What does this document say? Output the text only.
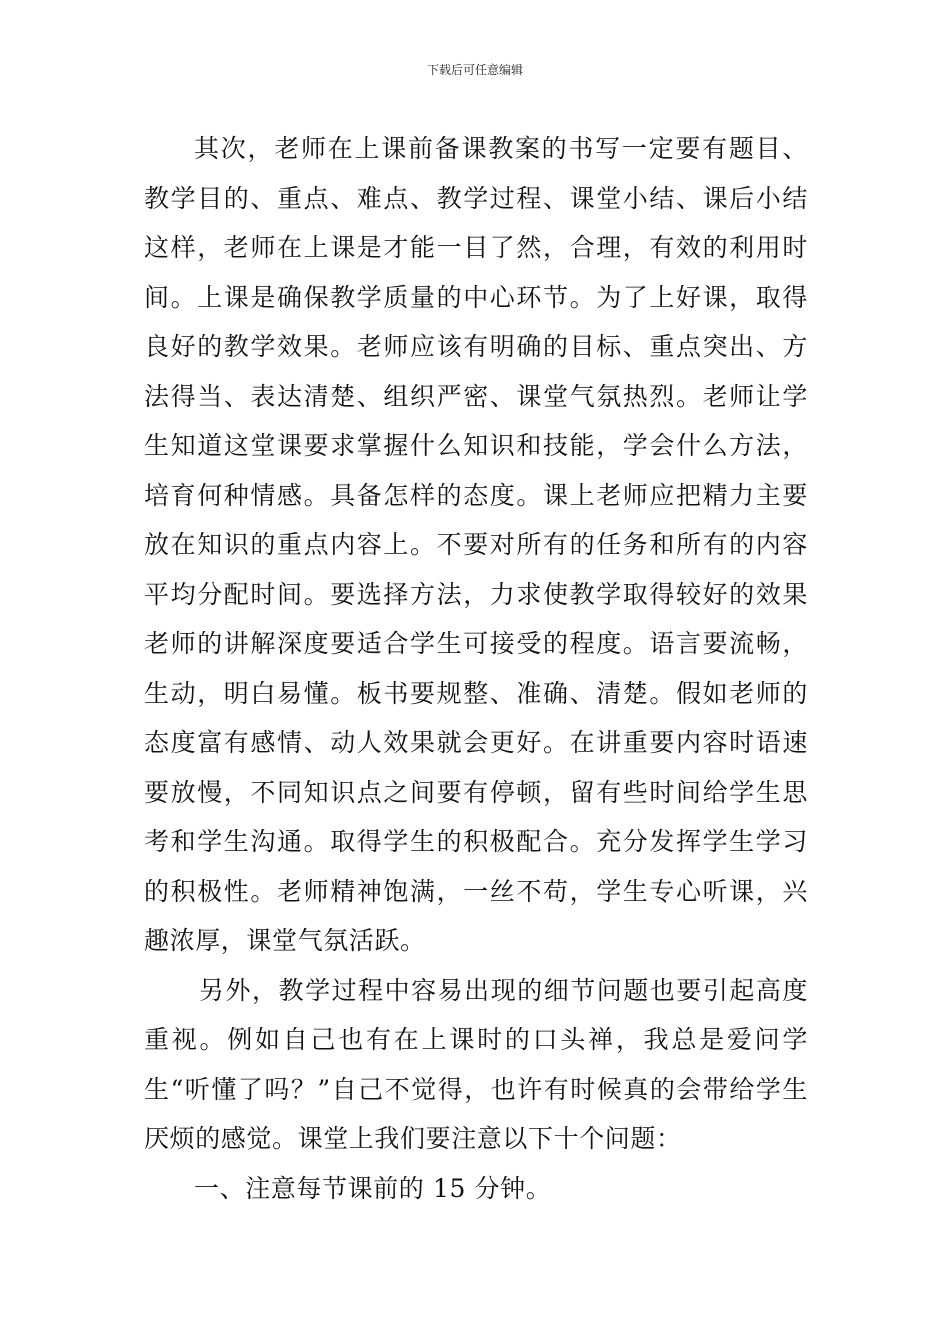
下载后可任意编辑

其次，老师在上课前备课教案的书写一定要有题目、教学目的、重点、难点、教学过程、课堂小结、课后小结这样，老师在上课是才能一目了然，合理，有效的利用时间。上课是确保教学质量的中心环节。为了上好课，取得良好的教学效果。老师应该有明确的目标、重点突出、方法得当、表达清楚、组织严密、课堂气氛热烈。老师让学生知道这堂课要求掌握什么知识和技能，学会什么方法，培育何种情感。具备怎样的态度。课上老师应把精力主要放在知识的重点内容上。不要对所有的任务和所有的内容平均分配时间。要选择方法，力求使教学取得较好的效果老师的讲解深度要适合学生可接受的程度。语言要流畅，生动，明白易懂。板书要规整、准确、清楚。假如老师的态度富有感情、动人效果就会更好。在讲重要内容时语速要放慢，不同知识点之间要有停顿，留有些时间给学生思考和学生沟通。取得学生的积极配合。充分发挥学生学习的积极性。老师精神饱满，一丝不苟，学生专心听课，兴趣浓厚，课堂气氛活跃。

另外，教学过程中容易出现的细节问题也要引起高度重视。例如自己也有在上课时的口头禅，我总是爱问学生“听懂了吗？”自己不觉得，也许有时候真的会带给学生厌烦的感觉。课堂上我们要注意以下十个问题：

一、注意每节课前的 15 分钟。
